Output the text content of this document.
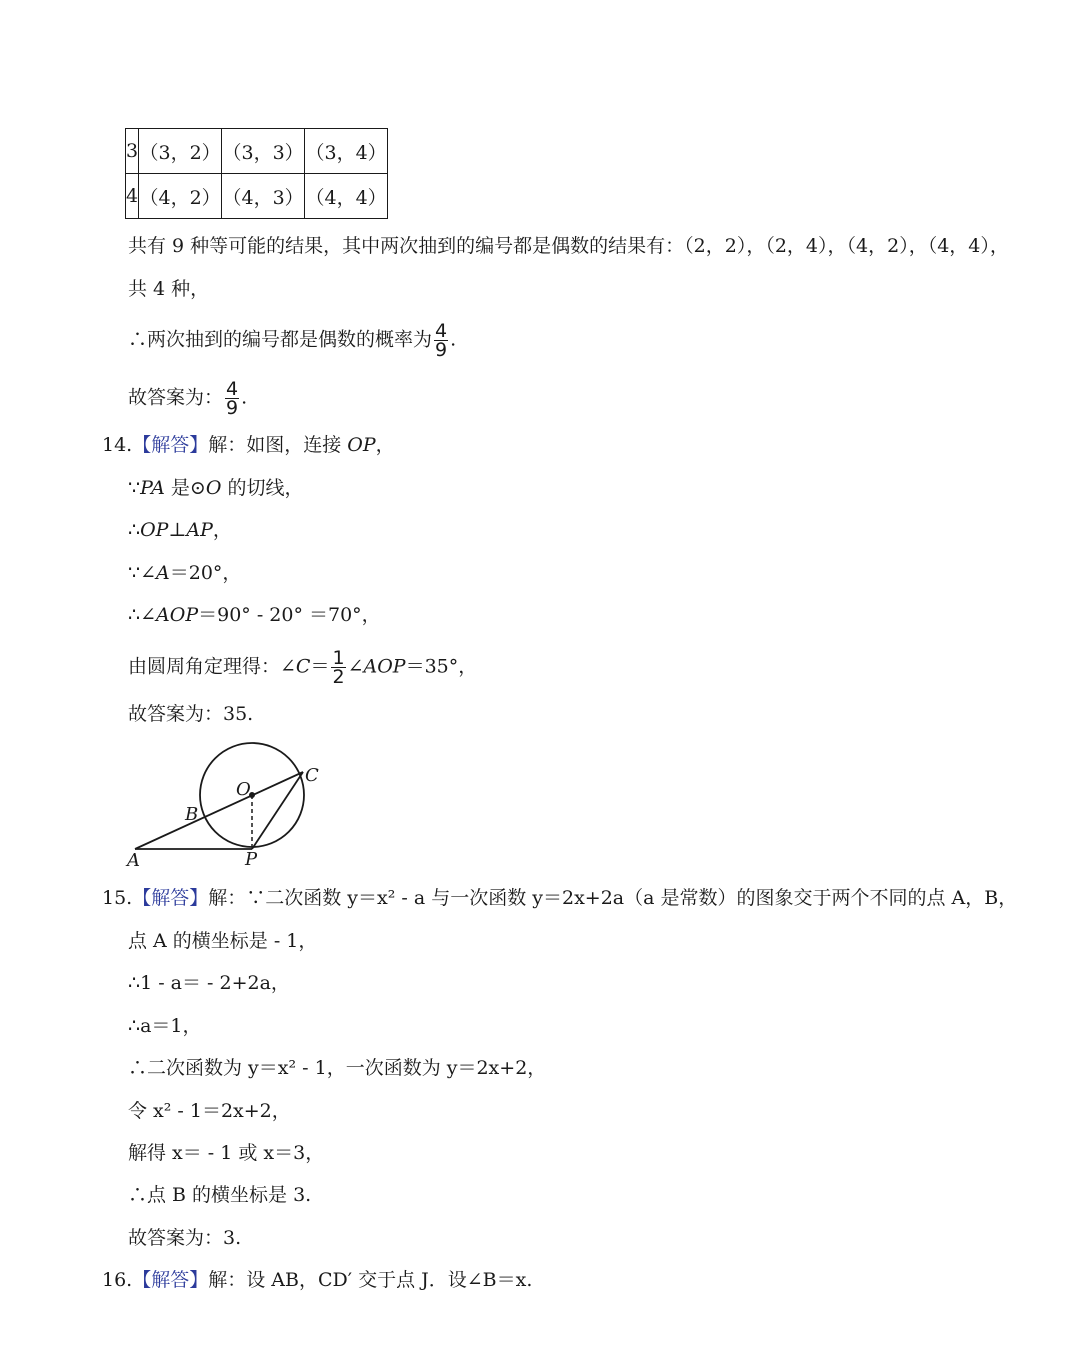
3	（3，2）	（3，3）	（3，4）
4	（4，2）	（4，3）	（4，4）
共有 9 种等可能的结果，其中两次抽到的编号都是偶数的结果有：（2，2），（2，4），（4，2），（4，4），
共 4 种，
∴两次抽到的编号都是偶数的概率为 $\frac{4}{9}$ .
故答案为： $\frac{4}{9}$ .
14.【解答】解：如图，连接 OP，
∵PA 是⊙O 的切线，
∴OP⊥AP，
∵∠A＝20°，
∴∠AOP＝90° - 20° ＝70°，
由圆周角定理得：∠C＝ $\frac{1}{2}$ ∠AOP＝35°，
故答案为：35.
A
B
O
C
P
15.【解答】解：∵二次函数 y＝x² - a 与一次函数 y＝2x+2a（a 是常数）的图象交于两个不同的点 A，B，
点 A 的横坐标是 - 1，
∴1 - a＝ - 2+2a，
∴a＝1，
∴二次函数为 y＝x² - 1，一次函数为 y＝2x+2，
令 x² - 1＝2x+2，
解得 x＝ - 1 或 x＝3，
∴点 B 的横坐标是 3.
故答案为：3.
16.【解答】解：设 AB，CD′ 交于点 J．设∠B＝x.
